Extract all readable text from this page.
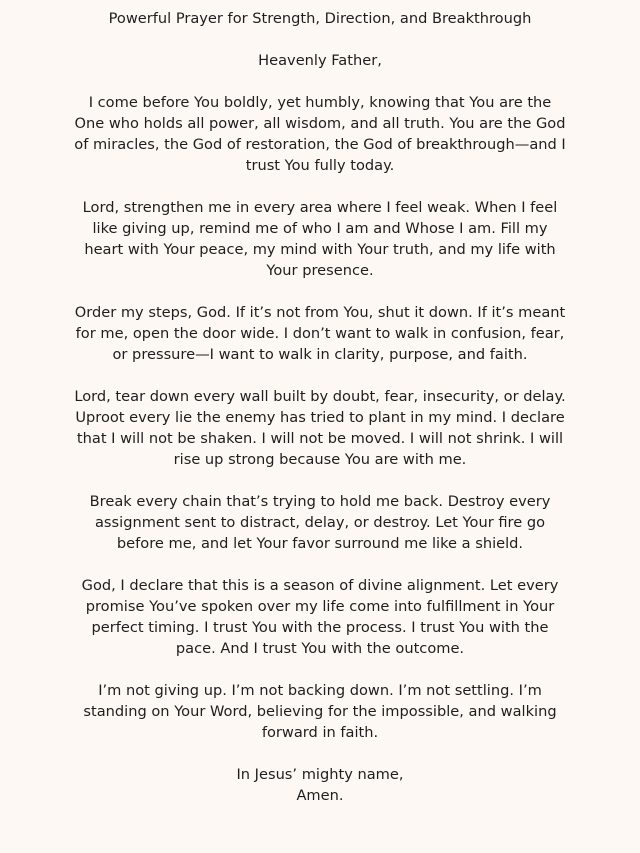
Powerful Prayer for Strength, Direction, and Breakthrough

Heavenly Father,

I come before You boldly, yet humbly, knowing that You are the One who holds all power, all wisdom, and all truth. You are the God of miracles, the God of restoration, the God of breakthrough—and I trust You fully today.

Lord, strengthen me in every area where I feel weak. When I feel like giving up, remind me of who I am and Whose I am. Fill my heart with Your peace, my mind with Your truth, and my life with Your presence.

Order my steps, God. If it’s not from You, shut it down. If it’s meant for me, open the door wide. I don’t want to walk in confusion, fear, or pressure—I want to walk in clarity, purpose, and faith.

Lord, tear down every wall built by doubt, fear, insecurity, or delay. Uproot every lie the enemy has tried to plant in my mind. I declare that I will not be shaken. I will not be moved. I will not shrink. I will rise up strong because You are with me.

Break every chain that’s trying to hold me back. Destroy every assignment sent to distract, delay, or destroy. Let Your fire go before me, and let Your favor surround me like a shield.

God, I declare that this is a season of divine alignment. Let every promise You’ve spoken over my life come into fulfillment in Your perfect timing. I trust You with the process. I trust You with the pace. And I trust You with the outcome.

I’m not giving up. I’m not backing down. I’m not settling. I’m standing on Your Word, believing for the impossible, and walking forward in faith.

In Jesus’ mighty name,
Amen.
